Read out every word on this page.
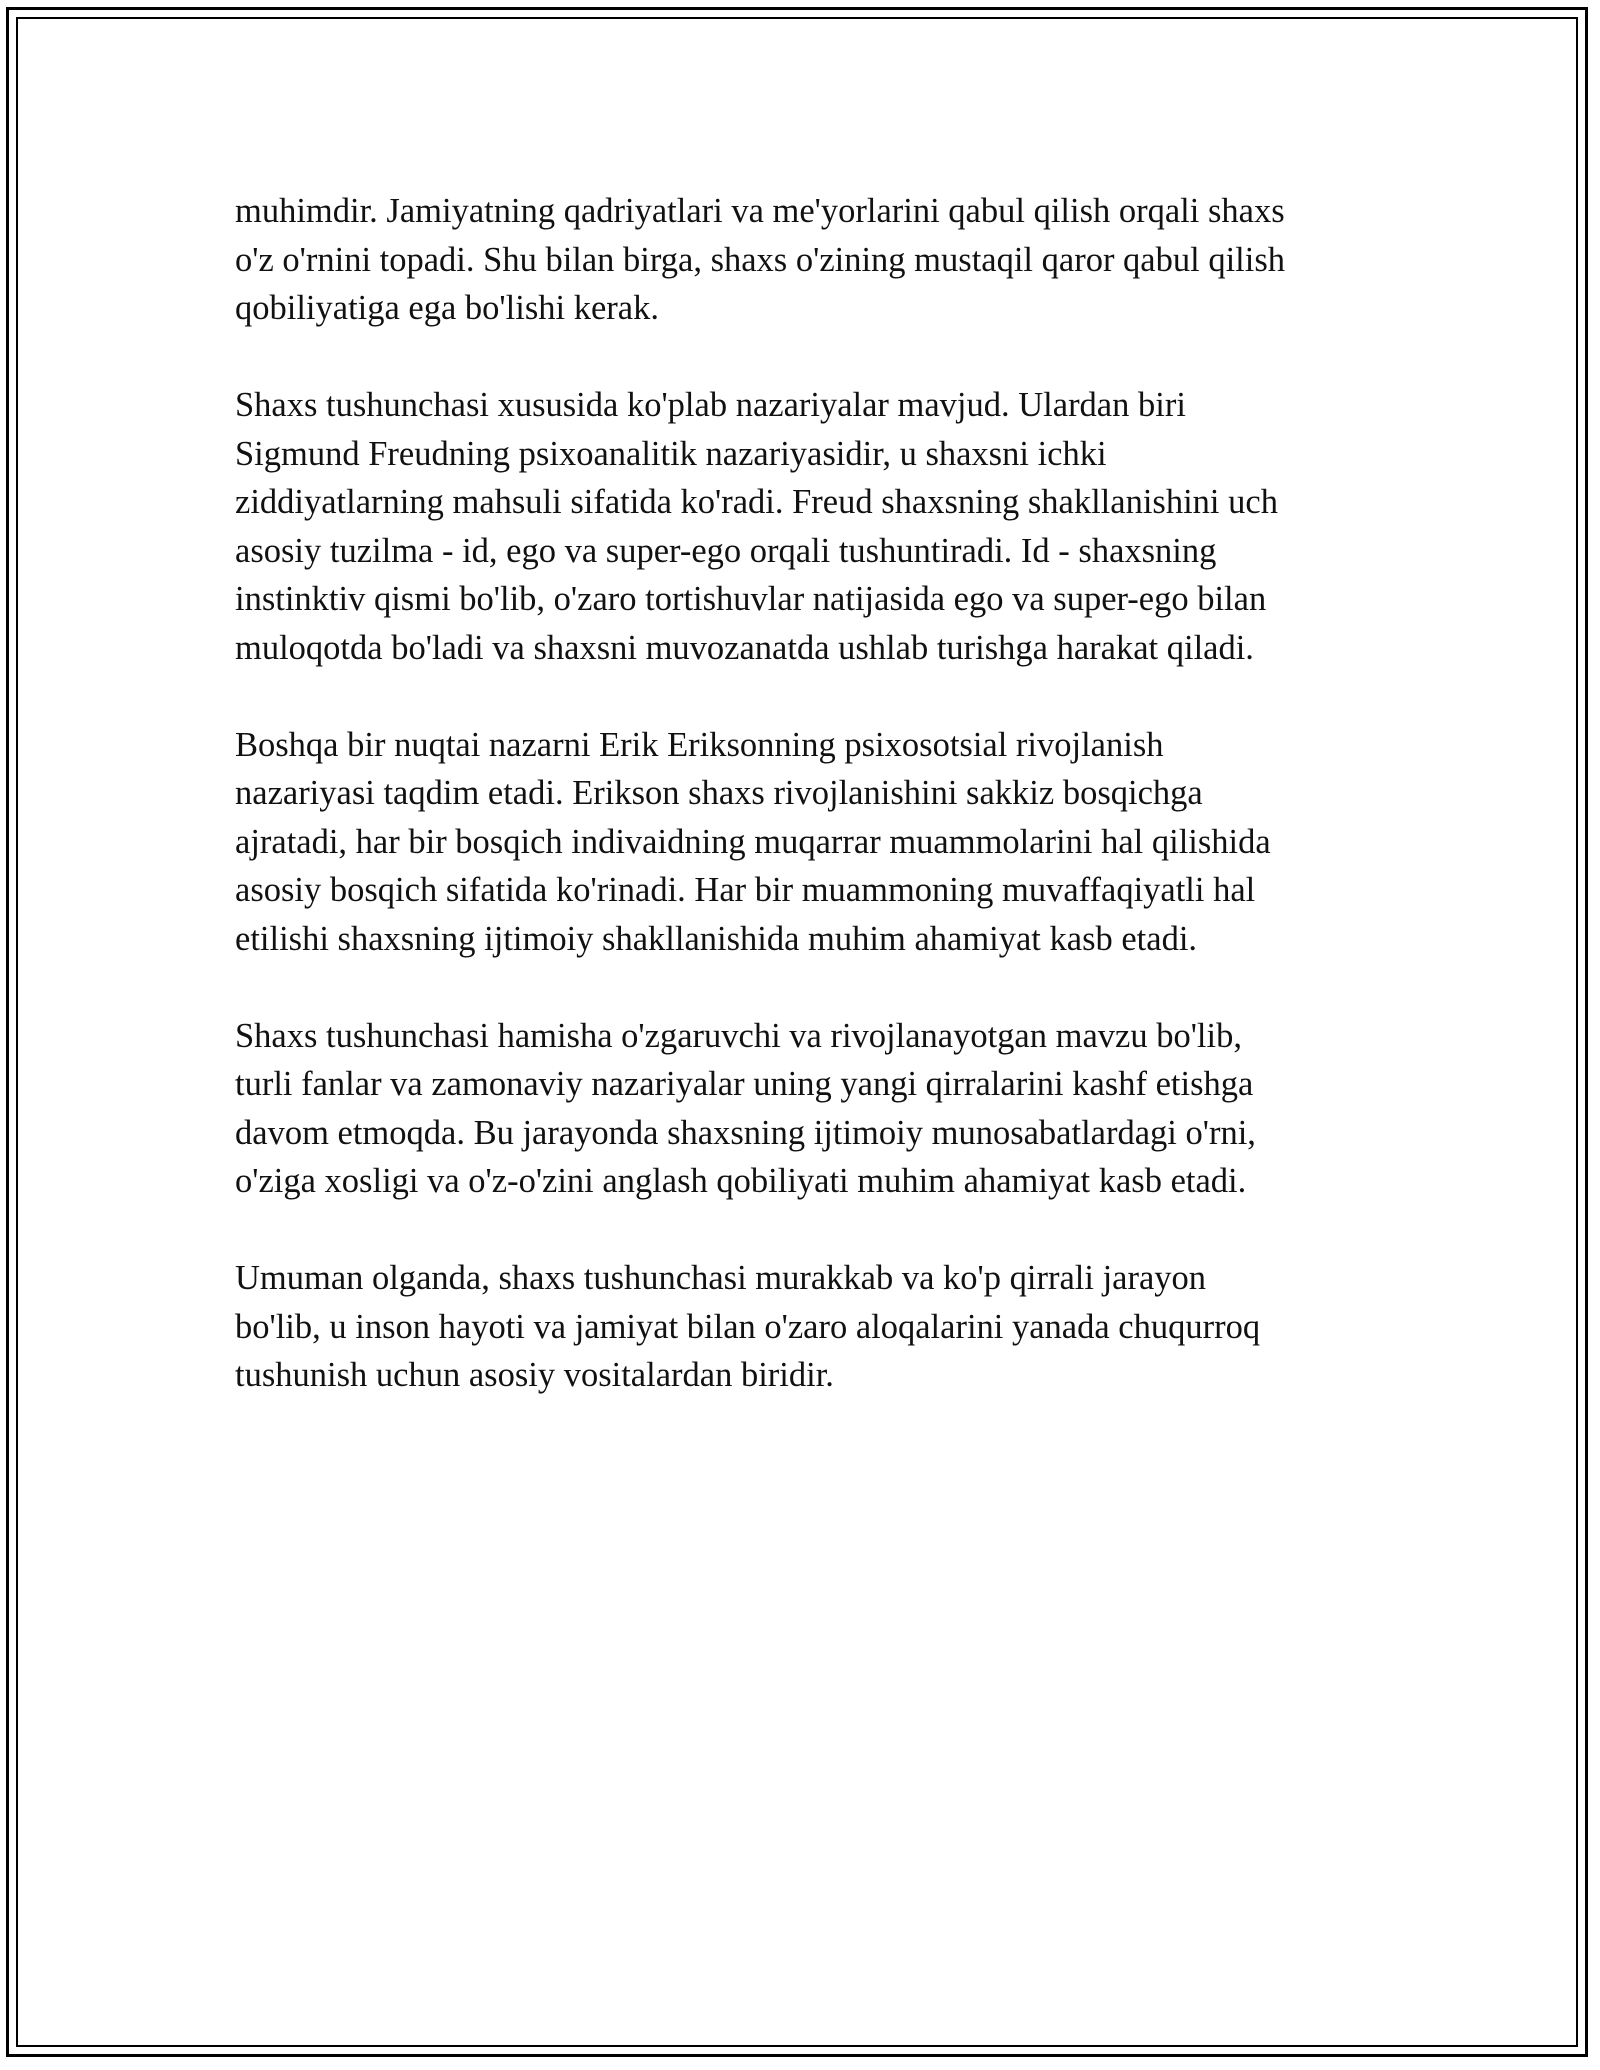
muhimdir. Jamiyatning qadriyatlari va me'yorlarini qabul qilish orqali shaxs
o'z o'rnini topadi. Shu bilan birga, shaxs o'zining mustaqil qaror qabul qilish
qobiliyatiga ega bo'lishi kerak.

Shaxs tushunchasi xususida ko'plab nazariyalar mavjud. Ulardan biri
Sigmund Freudning psixoanalitik nazariyasidir, u shaxsni ichki
ziddiyatlarning mahsuli sifatida ko'radi. Freud shaxsning shakllanishini uch
asosiy tuzilma - id, ego va super-ego orqali tushuntiradi. Id - shaxsning
instinktiv qismi bo'lib, o'zaro tortishuvlar natijasida ego va super-ego bilan
muloqotda bo'ladi va shaxsni muvozanatda ushlab turishga harakat qiladi.

Boshqa bir nuqtai nazarni Erik Eriksonning psixosotsial rivojlanish
nazariyasi taqdim etadi. Erikson shaxs rivojlanishini sakkiz bosqichga
ajratadi, har bir bosqich indivaidning muqarrar muammolarini hal qilishida
asosiy bosqich sifatida ko'rinadi. Har bir muammoning muvaffaqiyatli hal
etilishi shaxsning ijtimoiy shakllanishida muhim ahamiyat kasb etadi.

Shaxs tushunchasi hamisha o'zgaruvchi va rivojlanayotgan mavzu bo'lib,
turli fanlar va zamonaviy nazariyalar uning yangi qirralarini kashf etishga
davom etmoqda. Bu jarayonda shaxsning ijtimoiy munosabatlardagi o'rni,
o'ziga xosligi va o'z-o'zini anglash qobiliyati muhim ahamiyat kasb etadi.

Umuman olganda, shaxs tushunchasi murakkab va ko'p qirrali jarayon
bo'lib, u inson hayoti va jamiyat bilan o'zaro aloqalarini yanada chuqurroq
tushunish uchun asosiy vositalardan biridir.
